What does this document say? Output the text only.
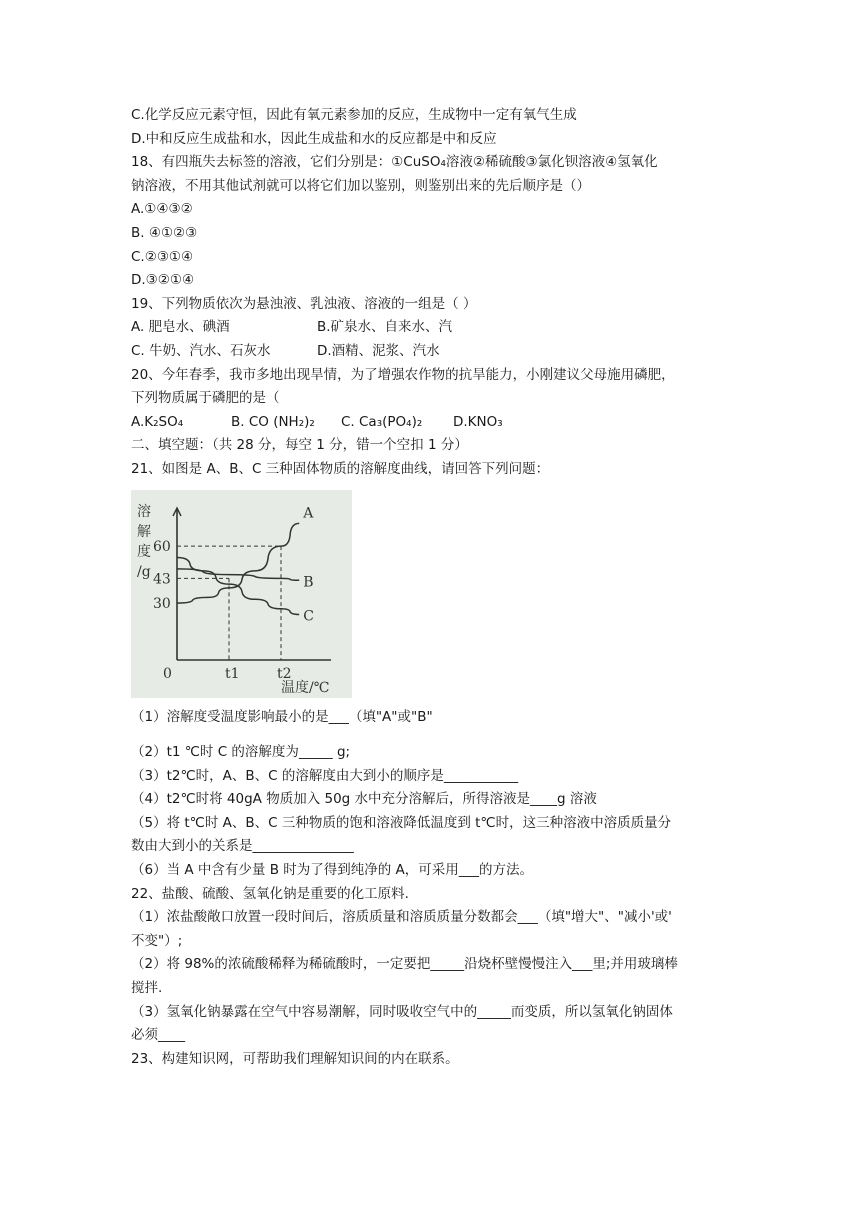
C.化学反应元素守恒，因此有氧元素参加的反应，生成物中一定有氧气生成
D.中和反应生成盐和水，因此生成盐和水的反应都是中和反应
18、有四瓶失去标签的溶液，它们分别是：①CuSO₄溶液②稀硫酸③氯化钡溶液④氢氧化
钠溶液，不用其他试剂就可以将它们加以鉴别，则鉴别出来的先后顺序是（）
A.①④③②
B. ④①②③
C.②③①④
D.③②①④
19、下列物质依次为悬浊液、乳浊液、溶液的一组是（ ）
A. 肥皂水、碘酒	B.矿泉水、自来水、汽
C. 牛奶、汽水、石灰水	D.酒精、泥浆、汽水
20、今年春季，我市多地出现旱情，为了增强农作物的抗旱能力，小刚建议父母施用磷肥，
下列物质属于磷肥的是（
A.K₂SO₄	B. CO (NH₂)₂	C. Ca₃(PO₄)₂	D.KNO₃
二、填空题：（共 28 分，每空 1 分，错一个空扣 1 分）
21、如图是 A、B、C 三种固体物质的溶解度曲线，请回答下列问题：
溶
解
度
/g
温度/℃
0	t1	t2
60
43
30
A
B
C
（1）溶解度受温度影响最小的是___（填"A"或"B"
（2）t1 ℃时 C 的溶解度为_____ g;
（3）t2℃时，A、B、C 的溶解度由大到小的顺序是___________
（4）t2℃时将 40gA 物质加入 50g 水中充分溶解后，所得溶液是____g 溶液
（5）将 t℃时 A、B、C 三种物质的饱和溶液降低温度到 t℃时，这三种溶液中溶质质量分
数由大到小的关系是_______________
（6）当 A 中含有少量 B 时为了得到纯净的 A，可采用___的方法。
22、盐酸、硫酸、氢氧化钠是重要的化工原料.
（1）浓盐酸敞口放置一段时间后，溶质质量和溶质质量分数都会___（填"增大"、"减小'或'
不变"）;
（2）将 98%的浓硫酸稀释为稀硫酸时，一定要把_____沿烧杯壁慢慢注入___里;并用玻璃棒
搅拌.
（3）氢氧化钠暴露在空气中容易潮解，同时吸收空气中的_____而变质，所以氢氧化钠固体
必须____
23、构建知识网，可帮助我们理解知识间的内在联系。
